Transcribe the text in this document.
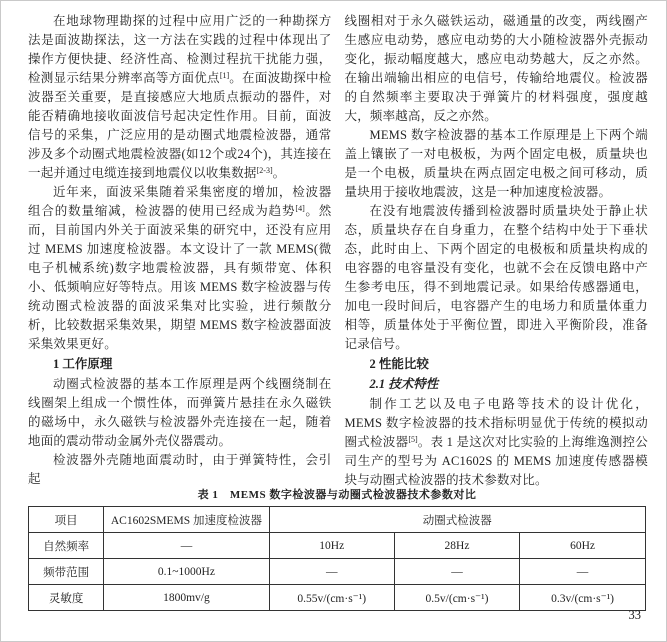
在地球物理勘探的过程中应用广泛的一种勘探方法是面波勘探法，这一方法在实践的过程中体现出了操作方便快捷、经济性高、检测过程抗干扰能力强，检测显示结果分辨率高等方面优点[1]。在面波勘探中检波器至关重要，是直接感应大地质点振动的器件，对能否精确地接收面波信号起决定性作用。目前，面波信号的采集，广泛应用的是动圈式地震检波器，通常涉及多个动圈式地震检波器(如12个或24个)，其连接在一起并通过电缆连接到地震仪以收集数据[2-3]。

近年来，面波采集随着采集密度的增加，检波器组合的数量缩减，检波器的使用已经成为趋势[4]。然而，目前国内外关于面波采集的研究中，还没有应用过 MEMS 加速度检波器。本文设计了一款 MEMS(微电子机械系统)数字地震检波器，具有频带宽、体积小、低频响应好等特点。用该 MEMS 数字检波器与传统动圈式检波器的面波采集对比实验，进行频散分析，比较数据采集效果，期望 MEMS 数字检波器面波采集效果更好。

1 工作原理

动圈式检波器的基本工作原理是两个线圈绕制在线圈架上组成一个惯性体，而弹簧片悬挂在永久磁铁的磁场中，永久磁铁与检波器外壳连接在一起，随着地面的震动带动金属外壳仪器震动。

检波器外壳随地面震动时，由于弹簧特性，会引起

线圈相对于永久磁铁运动，磁通量的改变，两线圈产生感应电动势，感应电动势的大小随检波器外壳振动变化，振动幅度越大，感应电动势越大，反之亦然。在输出端输出相应的电信号，传输给地震仪。检波器的自然频率主要取决于弹簧片的材料强度，强度越大，频率越高，反之亦然。

MEMS 数字检波器的基本工作原理是上下两个端盖上镶嵌了一对电极板，为两个固定电极，质量块也是一个电极，质量块在两点固定电极之间可移动，质量块用于接收地震波，这是一种加速度检波器。

在没有地震波传播到检波器时质量块处于静止状态，质量块存在自身重力，在整个结构中处于下垂状态，此时由上、下两个固定的电极板和质量块构成的电容器的电容量没有变化，也就不会在反馈电路中产生参考电压，得不到地震记录。如果给传感器通电，加电一段时间后，电容器产生的电场力和质量体重力相等，质量体处于平衡位置，即进入平衡阶段，准备记录信号。

2 性能比较
2.1 技术特性

制作工艺以及电子电路等技术的设计优化，MEMS 数字检波器的技术指标明显优于传统的模拟动圈式检波器[5]。表 1 是这次对比实验的上海维逸测控公司生产的型号为 AC1602S 的 MEMS 加速度传感器模块与动圈式检波器的技术参数对比。

表 1　MEMS 数字检波器与动圈式检波器技术参数对比
项目	AC1602SMEMS 加速度检波器	动圈式检波器		
自然频率	—	10Hz	28Hz	60Hz
频带范围	0.1~1000Hz	—	—	—
灵敏度	1800mv/g	0.55v/(cm·s⁻¹)	0.5v/(cm·s⁻¹)	0.3v/(cm·s⁻¹)
33
